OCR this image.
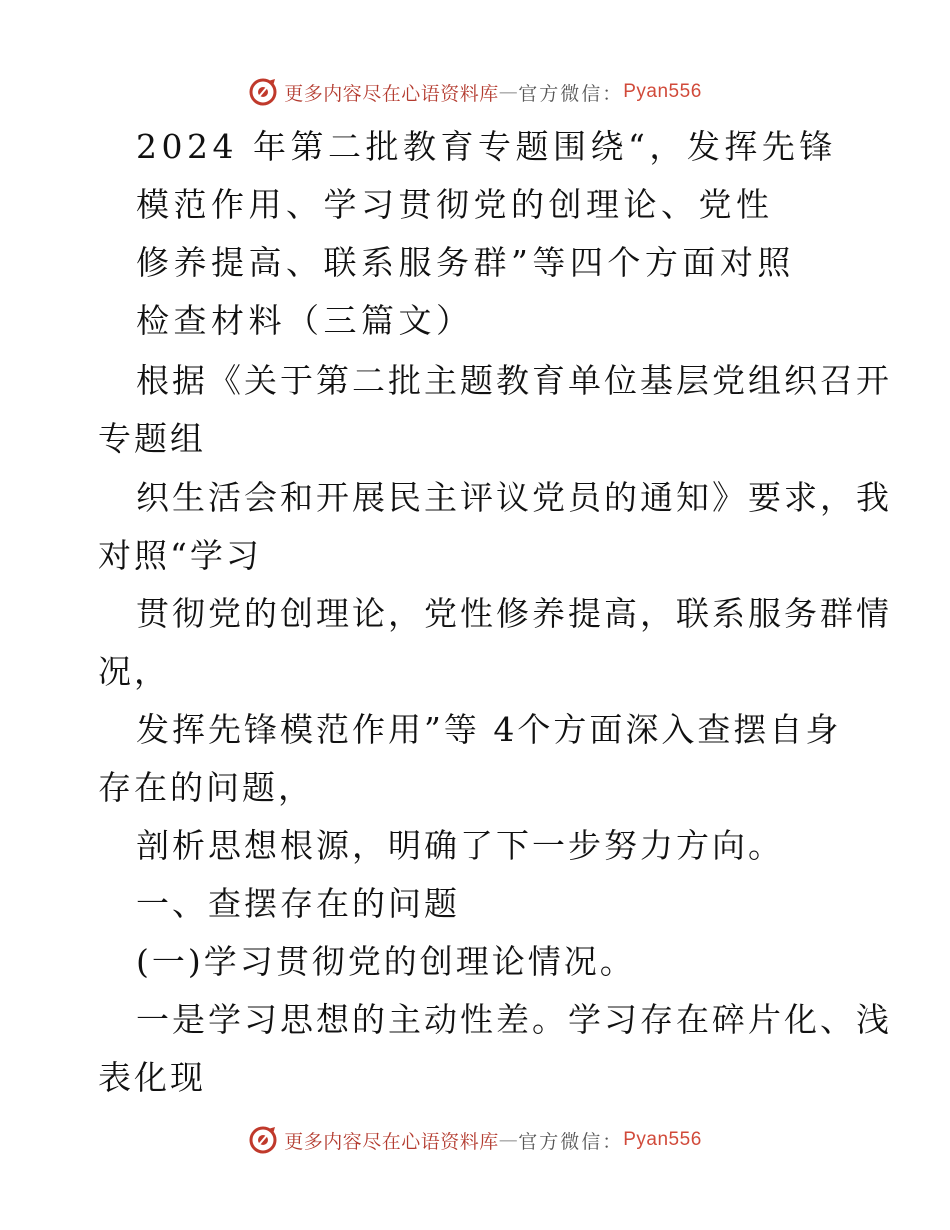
更多内容尽在心语资料库 — 官方微信： Pyan556
2024 年第二批教育专题围绕“，发挥先锋
模范作用、学习贯彻党的创理论、党性
修养提高、联系服务群”等四个方面对照
检查材料（三篇文）
根据《关于第二批主题教育单位基层党组织召开
专题组
织生活会和开展民主评议党员的通知》要求，我
对照“学习
贯彻党的创理论，党性修养提高，联系服务群情
况，
发挥先锋模范作用”等 4个方面深入查摆自身
存在的问题，
剖析思想根源，明确了下一步努力方向。
一、查摆存在的问题
(一)学习贯彻党的创理论情况。
一是学习思想的主动性差。学习存在碎片化、浅
表化现
更多内容尽在心语资料库 — 官方微信： Pyan556
